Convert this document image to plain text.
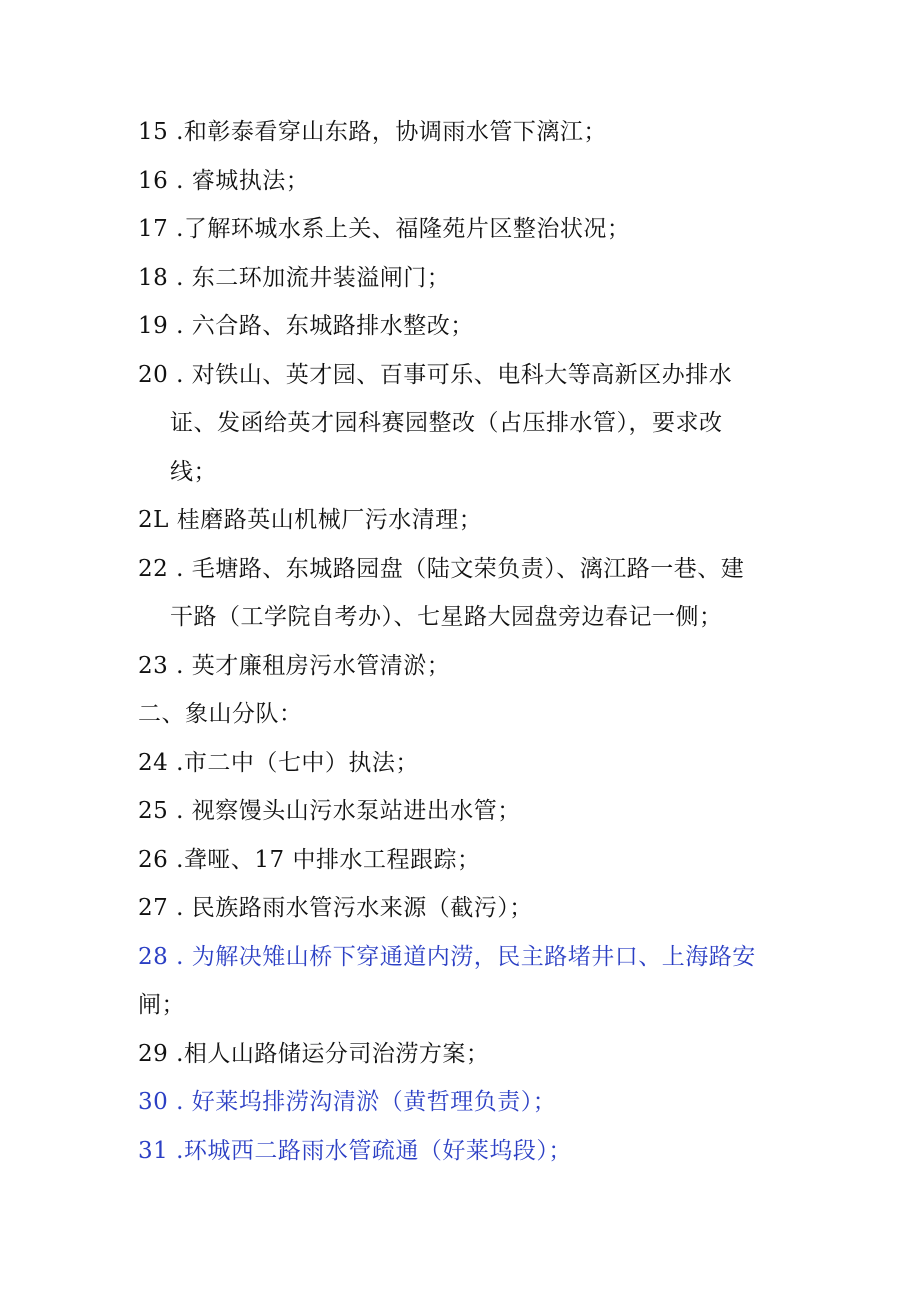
15 .和彰泰看穿山东路，协调雨水管下漓江；
16 . 睿城执法；
17 .了解环城水系上关、福隆苑片区整治状况；
18 . 东二环加流井装溢闸门；
19 . 六合路、东城路排水整改；
20 . 对铁山、英才园、百事可乐、电科大等高新区办排水
证、发函给英才园科赛园整改（占压排水管），要求改
线；
2L 桂磨路英山机械厂污水清理；
22 . 毛塘路、东城路园盘（陆文荣负责）、漓江路一巷、建
干路（工学院自考办）、七星路大园盘旁边春记一侧；
23 . 英才廉租房污水管清淤；
二、象山分队：
24 .市二中（七中）执法；
25 . 视察馒头山污水泵站进出水管；
26 .聋哑、17 中排水工程跟踪；
27 . 民族路雨水管污水来源（截污）；
28 . 为解决雉山桥下穿通道内涝，民主路堵井口、上海路安
闸；
29 .相人山路储运分司治涝方案；
30 . 好莱坞排涝沟清淤（黄哲理负责）；
31 .环城西二路雨水管疏通（好莱坞段）；
